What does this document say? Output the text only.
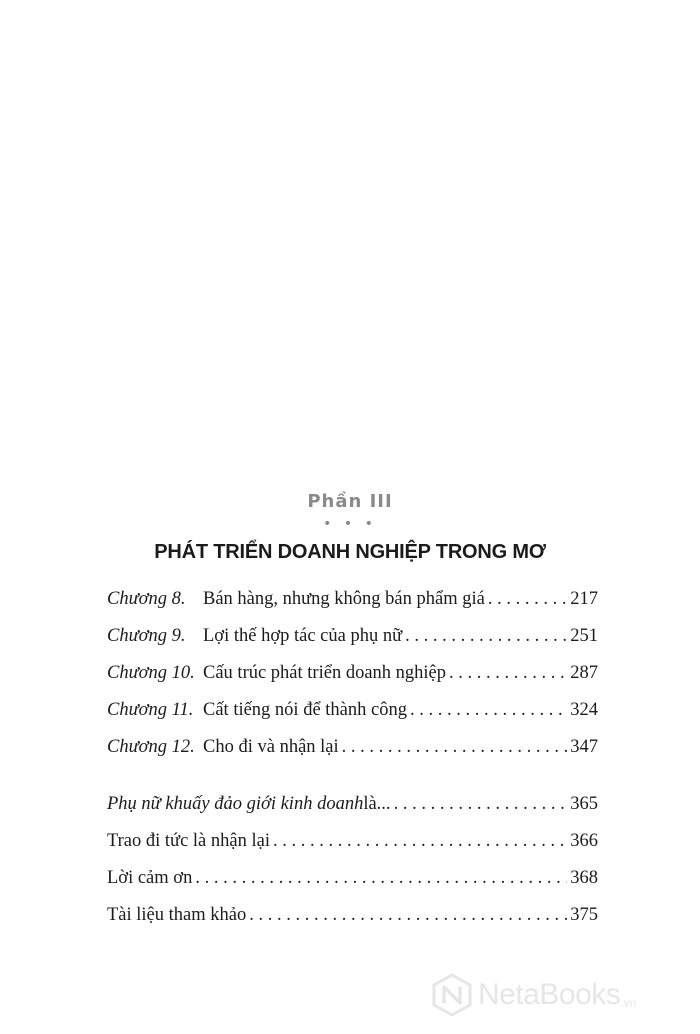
Phần III
• • •
PHÁT TRIỂN DOANH NGHIỆP TRONG MƠ
Chương 8. Bán hàng, nhưng không bán phẩm giá . . .	217
Chương 9. Lợi thế hợp tác của phụ nữ . . .	251
Chương 10. Cấu trúc phát triển doanh nghiệp . . .	287
Chương 11. Cất tiếng nói để thành công . . .	324
Chương 12. Cho đi và nhận lại . . .	347
Phụ nữ khuấy đảo giới kinh doanh là... . . .	365
Trao đi tức là nhận lại . . .	366
Lời cảm ơn . . .	368
Tài liệu tham khảo . . .	375
NetaBooks .vn
